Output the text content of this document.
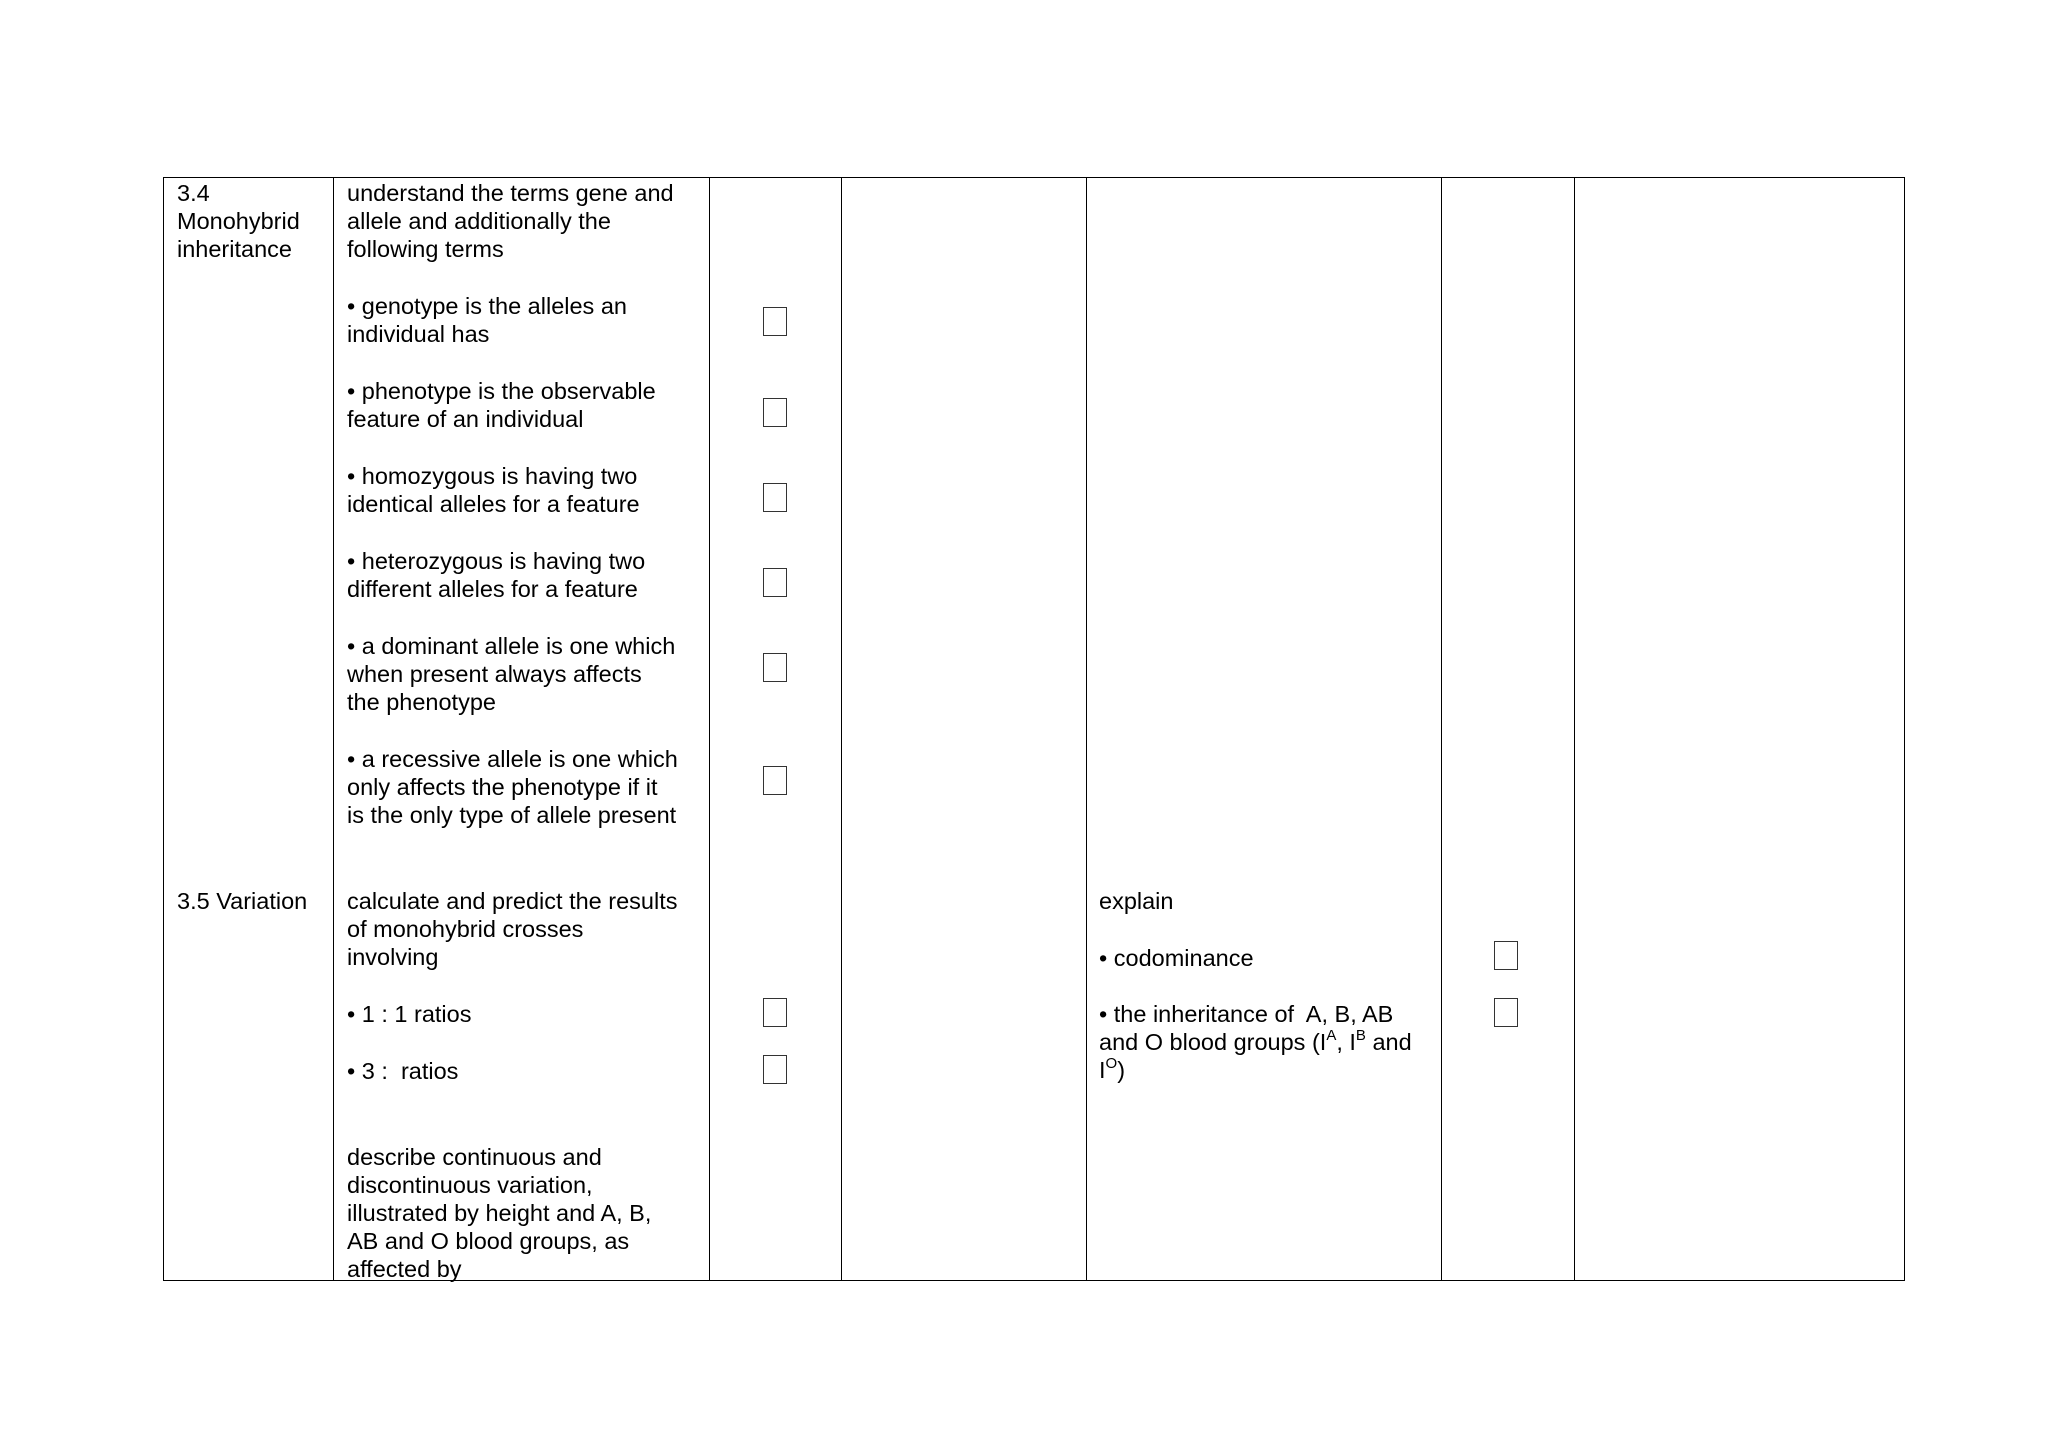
3.4
Monohybrid
inheritance
3.5 Variation
understand the terms gene and
allele and additionally the
following terms
• genotype is the alleles an
individual has
• phenotype is the observable
feature of an individual
• homozygous is having two
identical alleles for a feature
• heterozygous is having two
different alleles for a feature
• a dominant allele is one which
when present always affects
the phenotype
• a recessive allele is one which
only affects the phenotype if it
is the only type of allele present
calculate and predict the results
of monohybrid crosses
involving
• 1 : 1 ratios
• 3 :  ratios
describe continuous and
discontinuous variation,
illustrated by height and A, B,
AB and O blood groups, as
affected by
explain
• codominance
• the inheritance of  A, B, AB
and O blood groups ($I^A$, $I^B$ and
$I^O$)
